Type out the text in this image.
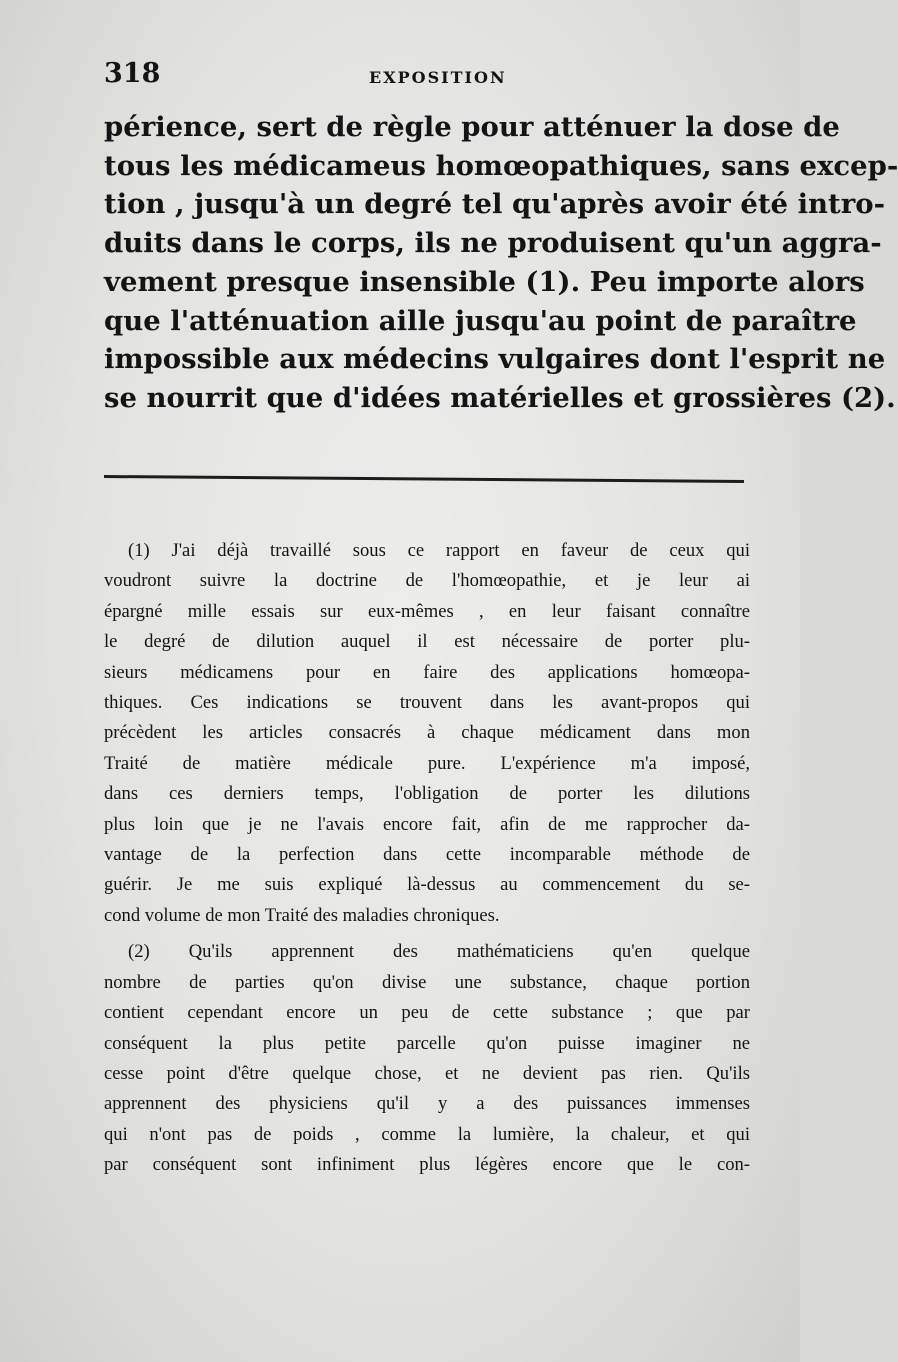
318	EXPOSITION

périence, sert de règle pour atténuer la dose de
tous les médicameus homœopathiques, sans excep-
tion , jusqu'à un degré tel qu'après avoir été intro-
duits dans le corps, ils ne produisent qu'un aggra-
vement presque insensible (1). Peu importe alors
que l'atténuation aille jusqu'au point de paraître
impossible aux médecins vulgaires dont l'esprit ne
se nourrit que d'idées matérielles et grossières (2).

(1) J'ai déjà travaillé sous ce rapport en faveur de ceux qui
voudront suivre la doctrine de l'homœopathie, et je leur ai
épargné mille essais sur eux-mêmes , en leur faisant connaître
le degré de dilution auquel il est nécessaire de porter plu-
sieurs médicamens pour en faire des applications homœopa-
thiques. Ces indications se trouvent dans les avant-propos qui
précèdent les articles consacrés à chaque médicament dans mon
Traité de matière médicale pure. L'expérience m'a imposé,
dans ces derniers temps, l'obligation de porter les dilutions
plus loin que je ne l'avais encore fait, afin de me rapprocher da-
vantage de la perfection dans cette incomparable méthode de
guérir. Je me suis expliqué là-dessus au commencement du se-
cond volume de mon Traité des maladies chroniques.
(2) Qu'ils apprennent des mathématiciens qu'en quelque
nombre de parties qu'on divise une substance, chaque portion
contient cependant encore un peu de cette substance ; que par
conséquent la plus petite parcelle qu'on puisse imaginer ne
cesse point d'être quelque chose, et ne devient pas rien. Qu'ils
apprennent des physiciens qu'il y a des puissances immenses
qui n'ont pas de poids , comme la lumière, la chaleur, et qui
par conséquent sont infiniment plus légères encore que le con-
